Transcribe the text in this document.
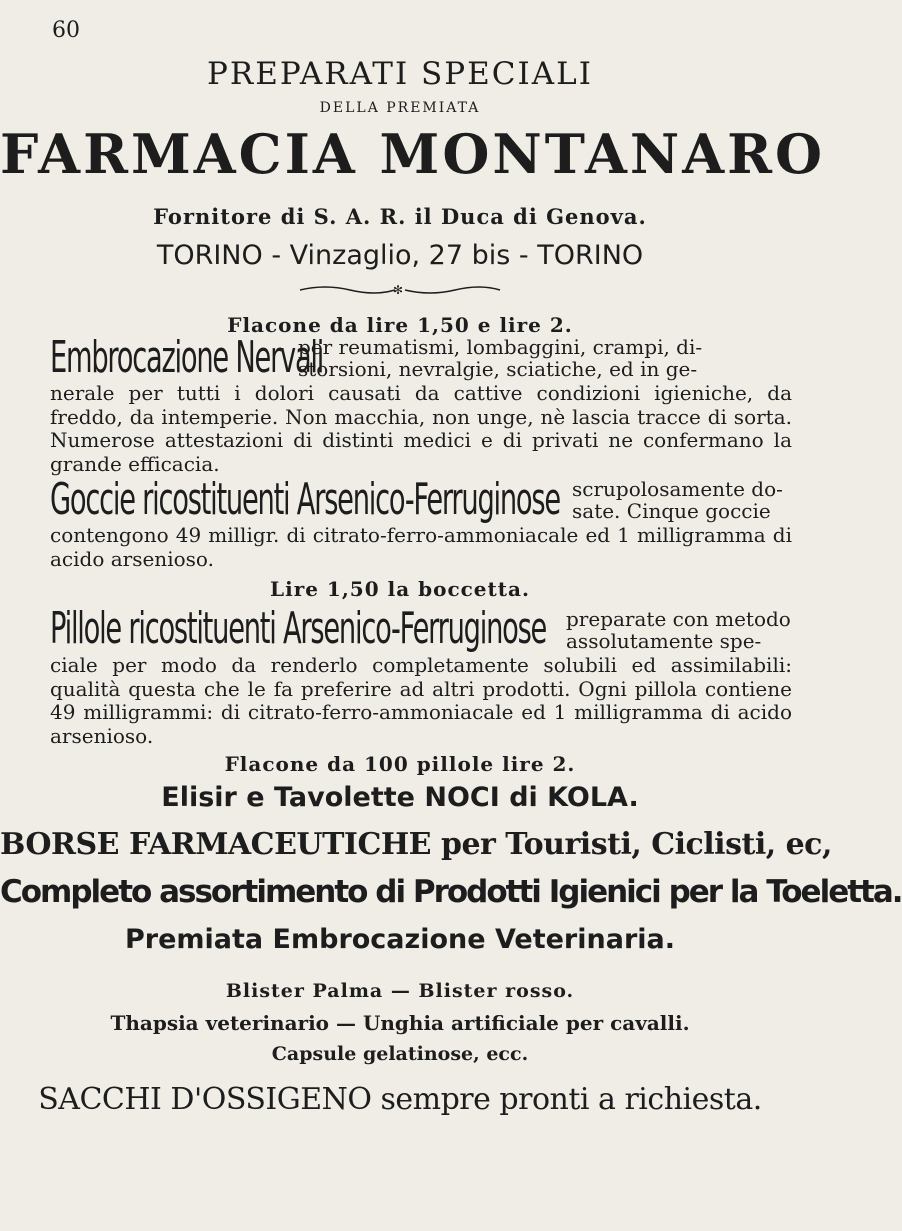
60
PREPARATI SPECIALI
DELLA PREMIATA
FARMACIA MONTANARO
Fornitore di S. A. R. il Duca di Genova.
TORINO - Vinzaglio, 27 bis - TORINO
✻
Flacone da lire 1,50 e lire 2.
Embrocazione Nervali
per reumatismi, lombaggini, crampi, di-
storsioni, nevralgie, sciatiche, ed in ge-
nerale per tutti i dolori causati da cattive condizioni igieniche, da freddo, da intemperie. Non macchia, non unge, nè lascia tracce di sorta. Numerose attestazioni di distinti medici e di privati ne confermano la grande efficacia.
Goccie ricostituenti Arsenico-Ferruginose scrupolosamente do-
sate. Cinque goccie
contengono 49 milligr. di citrato-ferro-ammoniacale ed 1 milligramma di acido arsenioso.
Lire 1,50 la boccetta.
Pillole ricostituenti Arsenico-Ferruginose preparate con metodo
assolutamente spe-
ciale per modo da renderlo completamente solubili ed assimilabili: qualità questa che le fa preferire ad altri prodotti. Ogni pillola contiene 49 milligrammi: di citrato-ferro-ammoniacale ed 1 milligramma di acido arsenioso.
Flacone da 100 pillole lire 2.
Elisir e Tavolette NOCI di KOLA.
BORSE FARMACEUTICHE per Touristi, Ciclisti, ec,
Completo assortimento di Prodotti Igienici per la Toeletta.
Premiata Embrocazione Veterinaria.
Blister Palma — Blister rosso.
Thapsia veterinario — Unghia artificiale per cavalli.
Capsule gelatinose, ecc.
SACCHI D'OSSIGENO sempre pronti a richiesta.
